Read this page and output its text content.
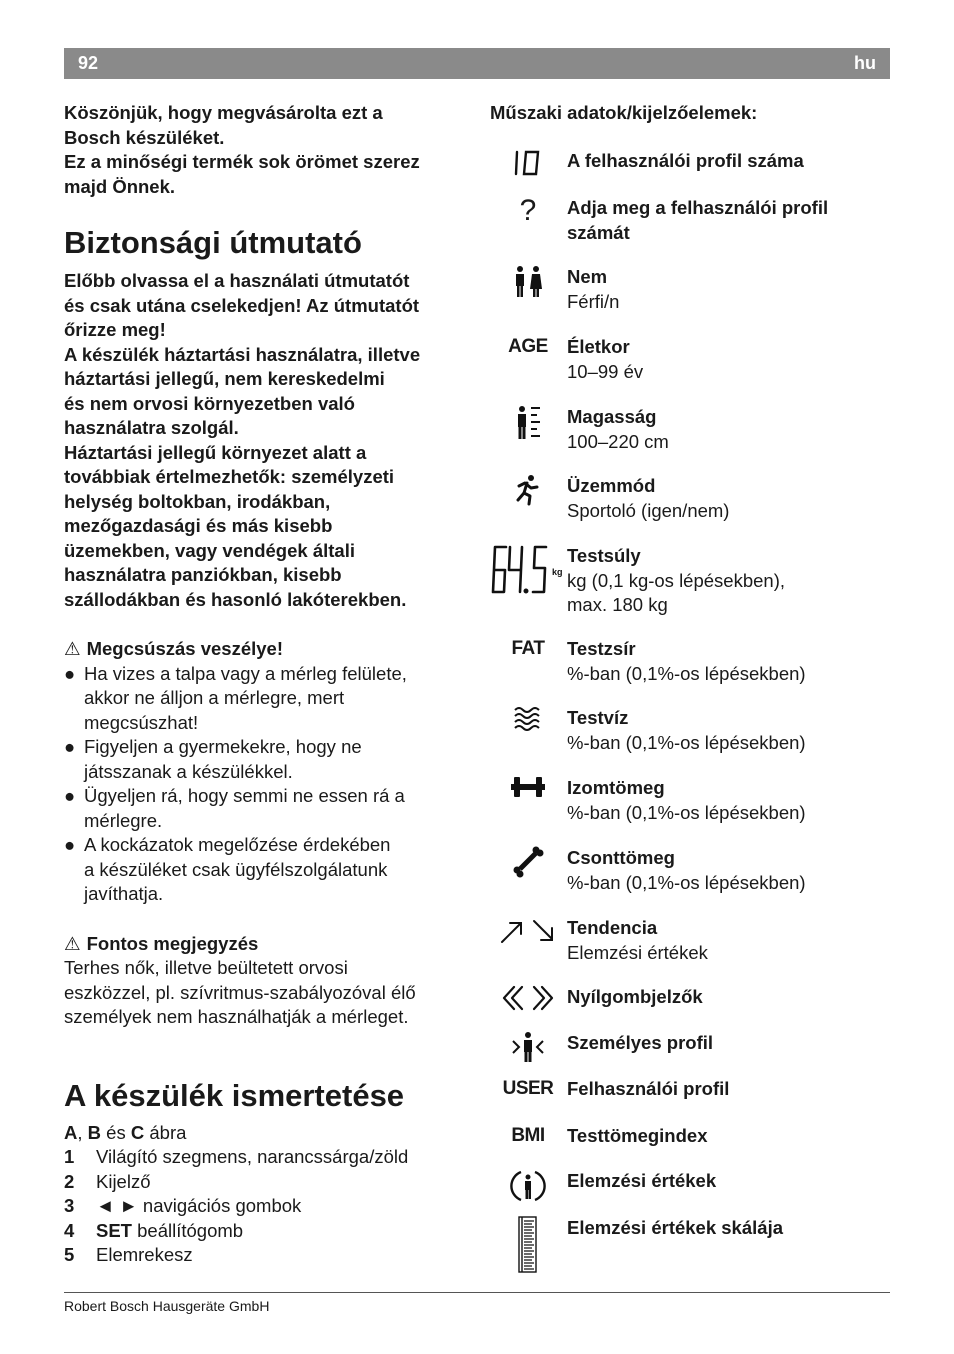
92	hu
Köszönjük, hogy megvásárolta ezt a
Bosch készüléket.
Ez a minőségi termék sok örömet szerez
majd Önnek.
Biztonsági útmutató
Előbb olvassa el a használati útmutatót
és csak utána cselekedjen! Az útmutatót
őrizze meg!
A készülék háztartási használatra, illetve
háztartási jellegű, nem kereskedelmi
és nem orvosi környezetben való
használatra szolgál.
Háztartási jellegű környezet alatt a
továbbiak értelmezhetők: személyzeti
helység boltokban, irodákban,
mezőgazdasági és más kisebb
üzemekben, vagy vendégek általi
használatra panziókban, kisebb
szállodákban és hasonló lakóterekben.
⚠ Megcsúszás veszélye!
● Ha vizes a talpa vagy a mérleg felülete,
akkor ne álljon a mérlegre, mert
megcsúszhat!
● Figyeljen a gyermekekre, hogy ne
játsszanak a készülékkel.
● Ügyeljen rá, hogy semmi ne essen rá a
mérlegre.
● A kockázatok megelőzése érdekében
a készüléket csak ügyfélszolgálatunk
javíthatja.
⚠ Fontos megjegyzés
Terhes nők, illetve beültetett orvosi
eszközzel, pl. szívritmus-szabályozóval élő
személyek nem használhatják a mérleget.
A készülék ismertetése
A, B és C ábra
1 Világító szegmens, narancssárga/zöld
2 Kijelző
3 ◄ ► navigációs gombok
4 SET beállítógomb
5 Elemrekesz
Műszaki adatok/kijelzőelemek:
A felhasználói profil száma
?	Adja meg a felhasználói profil
számát
Nem
Férfi/n
AGE	Életkor
10–99 év
Magasság
100–220 cm
Üzemmód
Sportoló (igen/nem)
kg
Testsúly
kg (0,1 kg-os lépésekben),
max. 180 kg
FAT	Testzsír
%-ban (0,1%-os lépésekben)
Testvíz
%-ban (0,1%-os lépésekben)
Izomtömeg
%-ban (0,1%-os lépésekben)
Csonttömeg
%-ban (0,1%-os lépésekben)
Tendencia
Elemzési értékek
Nyílgombjelzők
Személyes profil
USER Felhasználói profil
BMI	Testtömegindex
Elemzési értékek
Elemzési értékek skálája
Robert Bosch Hausgeräte GmbH
